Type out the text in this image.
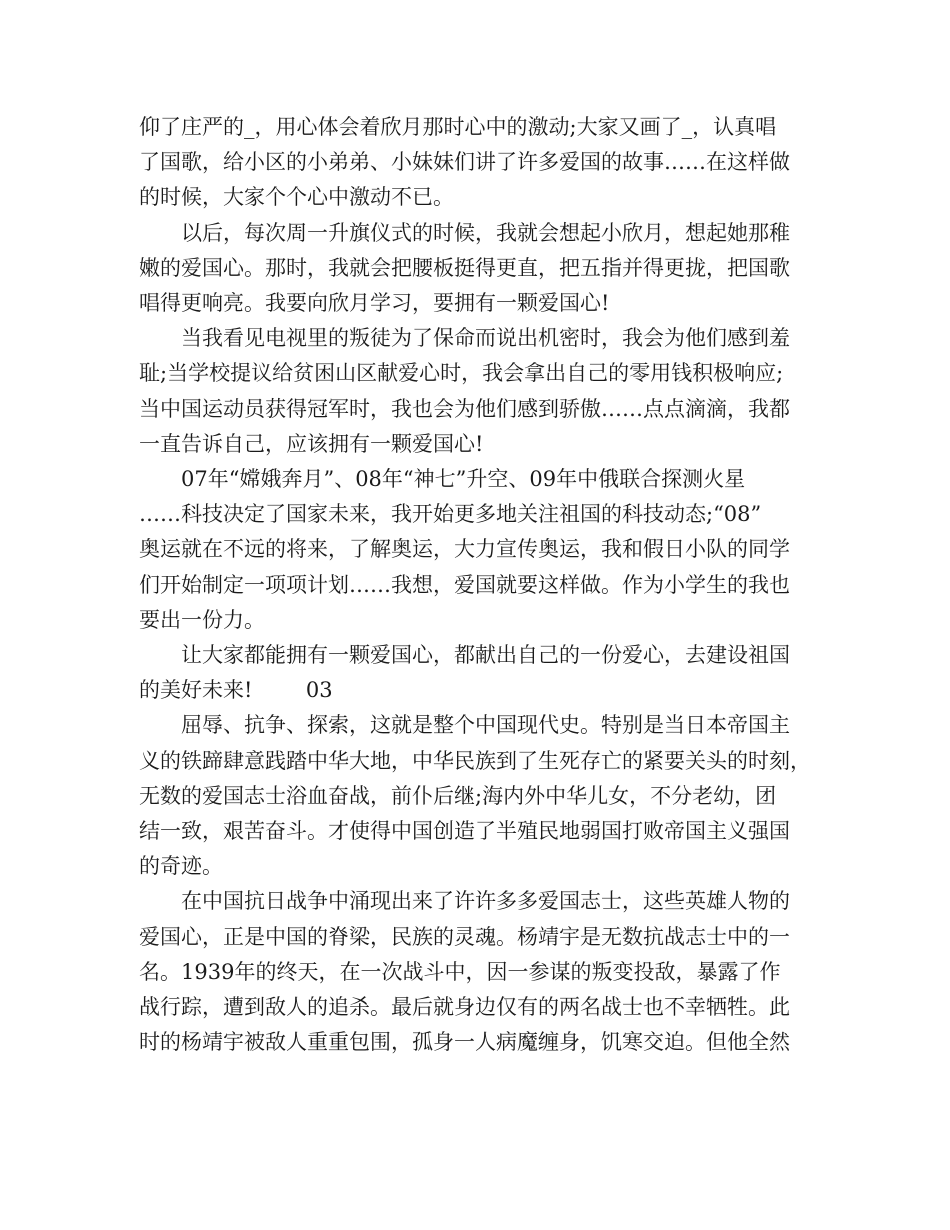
仰了庄严的_，用心体会着欣月那时心中的激动;大家又画了_，认真唱
了国歌，给小区的小弟弟、小妹妹们讲了许多爱国的故事……在这样做
的时候，大家个个心中激动不已。

以后，每次周一升旗仪式的时候，我就会想起小欣月，想起她那稚
嫩的爱国心。那时，我就会把腰板挺得更直，把五指并得更拢，把国歌
唱得更响亮。我要向欣月学习，要拥有一颗爱国心!

当我看见电视里的叛徒为了保命而说出机密时，我会为他们感到羞
耻;当学校提议给贫困山区献爱心时，我会拿出自己的零用钱积极响应;
当中国运动员获得冠军时，我也会为他们感到骄傲……点点滴滴，我都
一直告诉自己，应该拥有一颗爱国心!

07年“嫦娥奔月”、08年“神七”升空、09年中俄联合探测火星
……科技决定了国家未来，我开始更多地关注祖国的科技动态;“08”
奥运就在不远的将来，了解奥运，大力宣传奥运，我和假日小队的同学
们开始制定一项项计划……我想，爱国就要这样做。作为小学生的我也
要出一份力。

让大家都能拥有一颗爱国心，都献出自己的一份爱心，去建设祖国
的美好未来!        03

屈辱、抗争、探索，这就是整个中国现代史。特别是当日本帝国主
义的铁蹄肆意践踏中华大地，中华民族到了生死存亡的紧要关头的时刻，
无数的爱国志士浴血奋战，前仆后继;海内外中华儿女，不分老幼，团
结一致，艰苦奋斗。才使得中国创造了半殖民地弱国打败帝国主义强国
的奇迹。

在中国抗日战争中涌现出来了许许多多爱国志士，这些英雄人物的
爱国心，正是中国的脊梁，民族的灵魂。杨靖宇是无数抗战志士中的一
名。1939年的终天，在一次战斗中，因一参谋的叛变投敌，暴露了作
战行踪，遭到敌人的追杀。最后就身边仅有的两名战士也不幸牺牲。此
时的杨靖宇被敌人重重包围，孤身一人病魔缠身，饥寒交迫。但他全然
